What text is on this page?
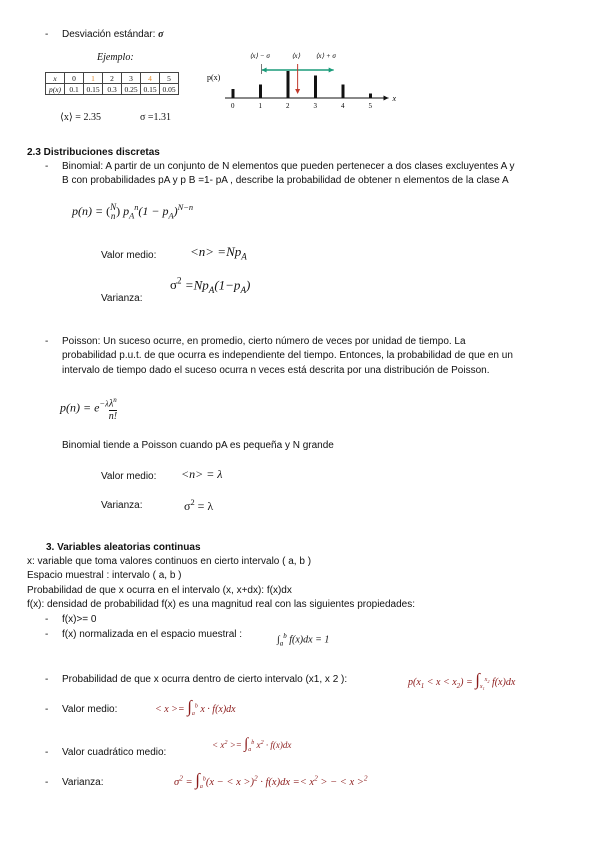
- Desviación estándar: σ
Ejemplo:
x	0	1	2	3	4	5
p(x)	0.1	0.15	0.3	0.25	0.15	0.05
⟨x⟩ = 2.35	σ =1.31
p(x)
x
0	1	2	3	4	5
⟨x⟩ − σ	⟨x⟩ ⟨x⟩ + σ
2.3 Distribuciones discretas
- Binomial: A partir de un conjunto de N elementos que pueden pertenecer a dos clases excluyentes A y
B con probabilidades pA y p B =1- pA , describe la probabilidad de obtener n elementos de la clase A
p(n) = (N
n) $p_A^n(1 - p_A)^{N-n}$
Valor medio:	$<n> =Np_A$
$\sigma^2 =Np_A(1-p_A)$
Varianza:
- Poisson: Un suceso ocurre, en promedio, cierto número de veces por unidad de tiempo. La
probabilidad p.u.t. de que ocurra es independiente del tiempo. Entonces, la probabilidad de que en un
intervalo de tiempo dado el suceso ocurra n veces está descrita por una distribución de Poisson.
$p(n) = e^{-\lambda}$ $\lambda^n$
n!
Binomial tiende a Poisson cuando pA es pequeña y N grande
Valor medio: <n> = λ
Varianza:	$\sigma^2 = \lambda$
3. Variables aleatorias continuas
x: variable que toma valores continuos en cierto intervalo ( a, b )
Espacio muestral : intervalo ( a, b )
Probabilidad de que x ocurra en el intervalo (x, x+dx): f(x)dx
f(x): densidad de probabilidad f(x) es una magnitud real con las siguientes propiedades:
- f(x)>= 0
- f(x) normalizada en el espacio muestral :	$\int_a^b$ f(x)dx = 1
- Probabilidad de que x ocurra dentro de cierto intervalo (x1, x 2 ):	$p(x_1 < x < x_2) = \int_{x_1}^{x_2}$ f(x)dx
- Valor medio:	< $x >= \int_a^b$ x · f(x)dx
- Valor cuadrático medio:
< $x^2 >= \int_a^b$ $x^2 \cdot f(x)dx$
- Varianza:	$\sigma^2 = \int_a^b(x$ − < $x >)^2 \cdot f(x)dx =< x^2$ > − < x >$^2$
